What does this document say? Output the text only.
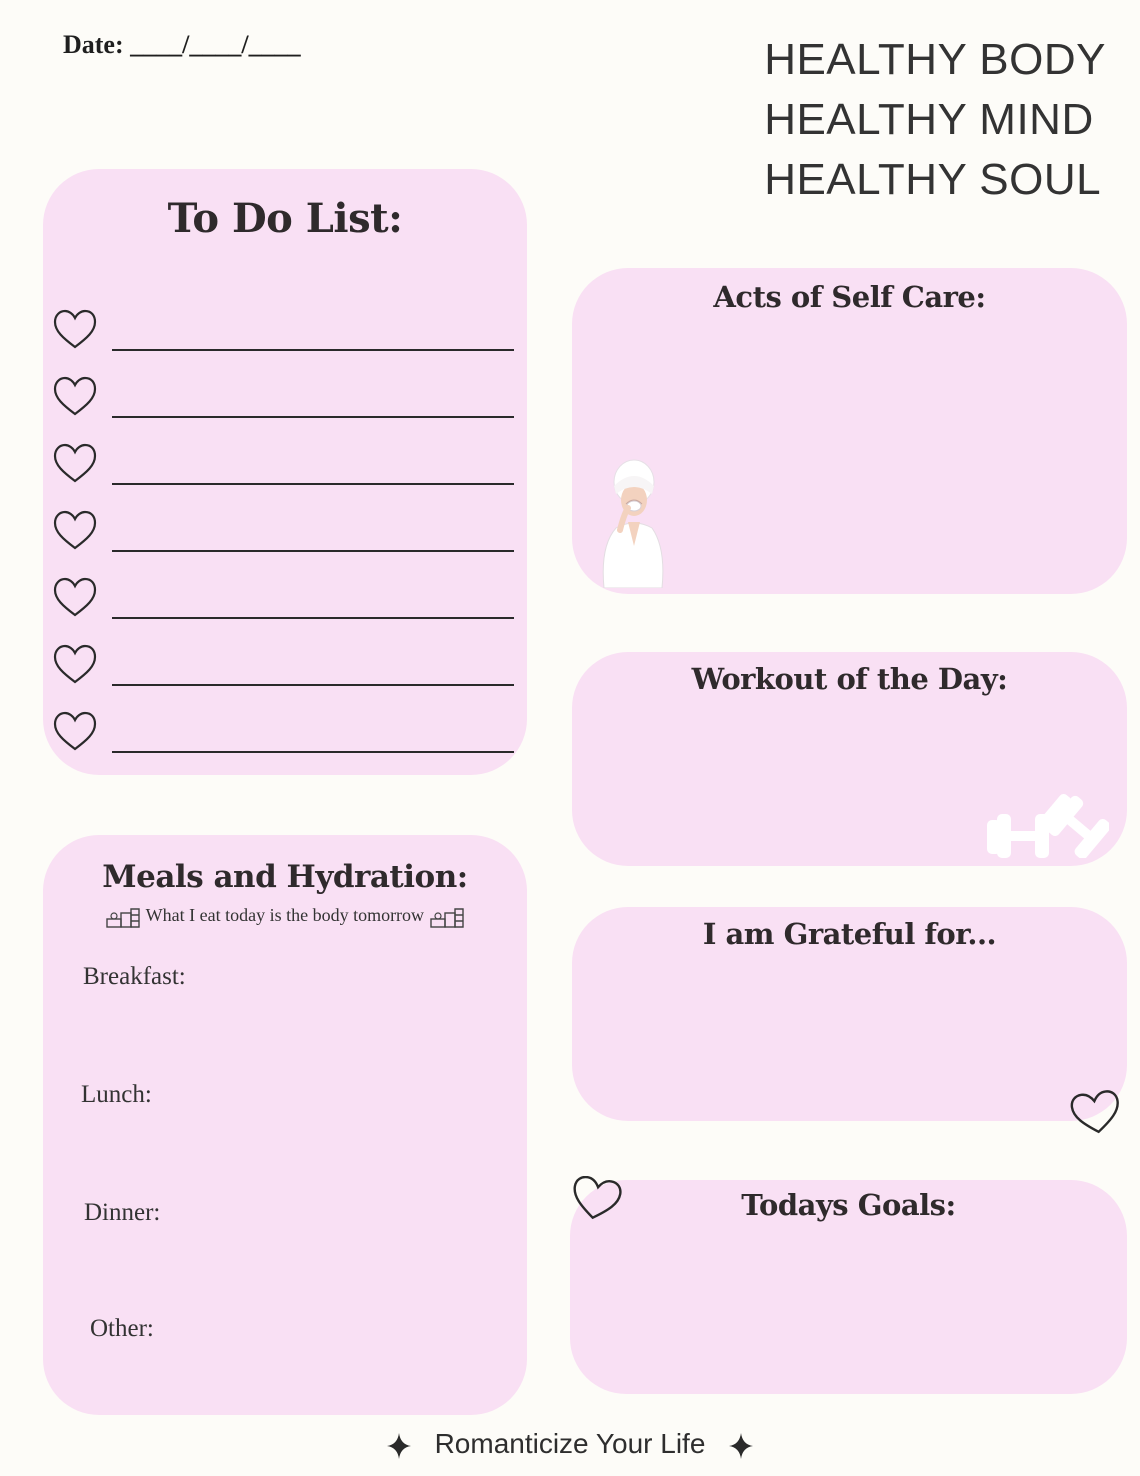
Date: ____/____/____	HEALTHY BODY
HEALTHY MIND
HEALTHY SOUL
To Do List:
Meals and Hydration:
What I eat today is the body tomorrow
Breakfast:
Lunch:
Dinner:
Other:
Acts of Self Care:
Workout of the Day:
I am Grateful for...
Todays Goals:
Romanticize Your Life
